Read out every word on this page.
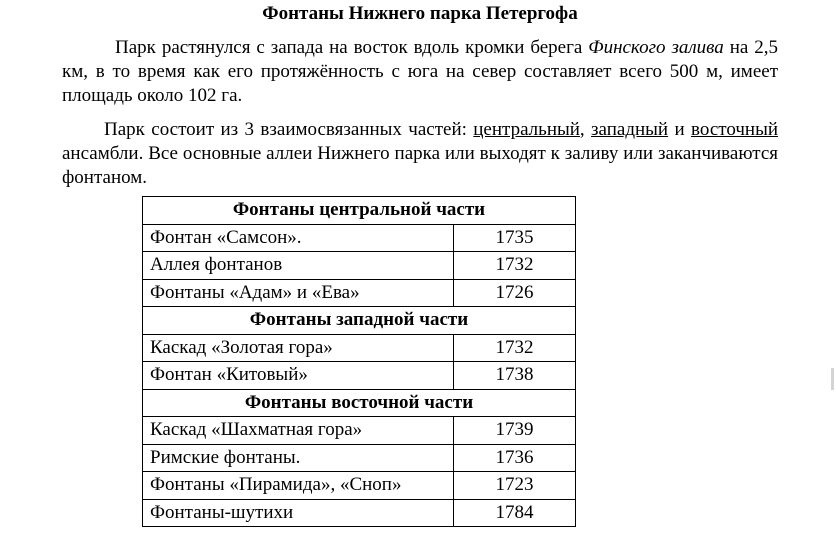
Фонтаны Нижнего парка Петергофа

Парк растянулся с запада на восток вдоль кромки берега Финского залива на 2,5 км, в то время как его протяжённость с юга на север составляет всего 500 м, имеет площадь около 102 га.

Парк состоит из 3 взаимосвязанных частей: центральный, западный и восточный ансамбли. Все основные аллеи Нижнего парка или выходят к заливу или заканчиваются фонтаном.

Фонтаны центральной части	
Фонтан «Самсон».	1735
Аллея фонтанов	1732
Фонтаны «Адам» и «Ева»	1726
Фонтаны западной части	
Каскад «Золотая гора»	1732
Фонтан «Китовый»	1738
Фонтаны восточной части	
Каскад «Шахматная гора»	1739
Римские фонтаны.	1736
Фонтаны «Пирамида», «Сноп»	1723
Фонтаны-шутихи	1784
